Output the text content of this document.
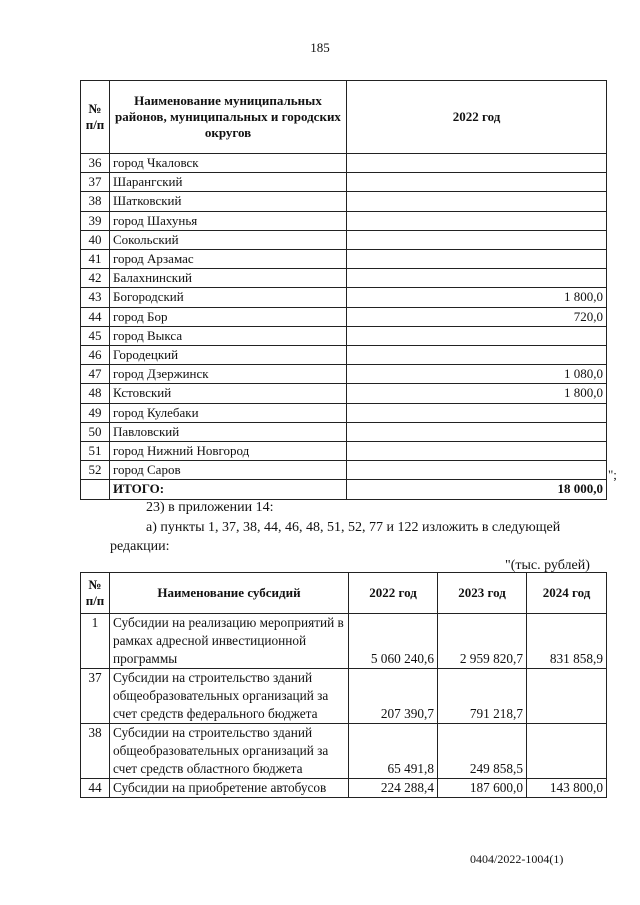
185
№ п/п	Наименование муниципальных районов, муниципальных и городских округов	2022 год
36	город Чкаловск	
37	Шарангский	
38	Шатковский	
39	город Шахунья	
40	Сокольский	
41	город Арзамас	
42	Балахнинский	
43	Богородский	1 800,0
44	город Бор	720,0
45	город Выкса	
46	Городецкий	
47	город Дзержинск	1 080,0
48	Кстовский	1 800,0
49	город Кулебаки	
50	Павловский	
51	город Нижний Новгород	
52	город Саров	
	ИТОГО:	18 000,0
";
23) в приложении 14:
а) пункты 1, 37, 38, 44, 46, 48, 51, 52, 77 и 122 изложить в следующей
редакции:
"(тыс. рублей)
№ п/п	Наименование субсидий	2022 год	2023 год	2024 год
1	Субсидии на реализацию мероприятий в рамках адресной инвестиционной программы	5 060 240,6	2 959 820,7	831 858,9
37	Субсидии на строительство зданий общеобразовательных организаций за счет средств федерального бюджета	207 390,7	791 218,7	
38	Субсидии на строительство зданий общеобразовательных организаций за счет средств областного бюджета	65 491,8	249 858,5	
44	Субсидии на приобретение автобусов	224 288,4	187 600,0	143 800,0
0404/2022-1004(1)
